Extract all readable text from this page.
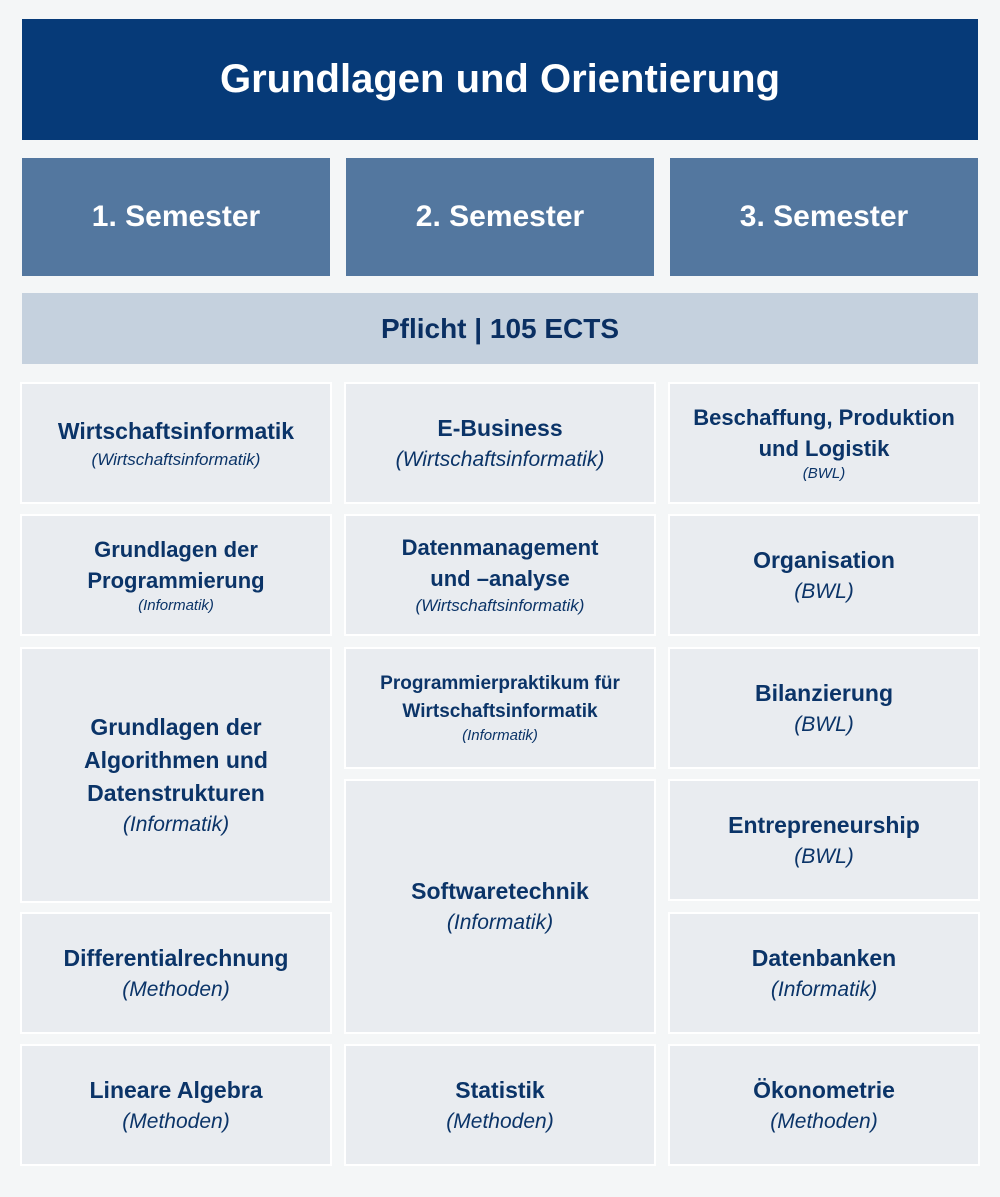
Grundlagen und Orientierung
1. Semester	2. Semester	3. Semester
Pflicht | 105 ECTS
Wirtschaftsinformatik
(Wirtschaftsinformatik)
Grundlagen der
Programmierung
(Informatik)
Grundlagen der
Algorithmen und
Datenstrukturen
(Informatik)
Differentialrechnung
(Methoden)
Lineare Algebra
(Methoden)
E-Business
(Wirtschaftsinformatik)
Datenmanagement
und –analyse
(Wirtschaftsinformatik)
Programmierpraktikum für
Wirtschaftsinformatik
(Informatik)
Softwaretechnik
(Informatik)
Statistik
(Methoden)
Beschaffung, Produktion
und Logistik
(BWL)
Organisation
(BWL)
Bilanzierung
(BWL)
Entrepreneurship
(BWL)
Datenbanken
(Informatik)
Ökonometrie
(Methoden)
